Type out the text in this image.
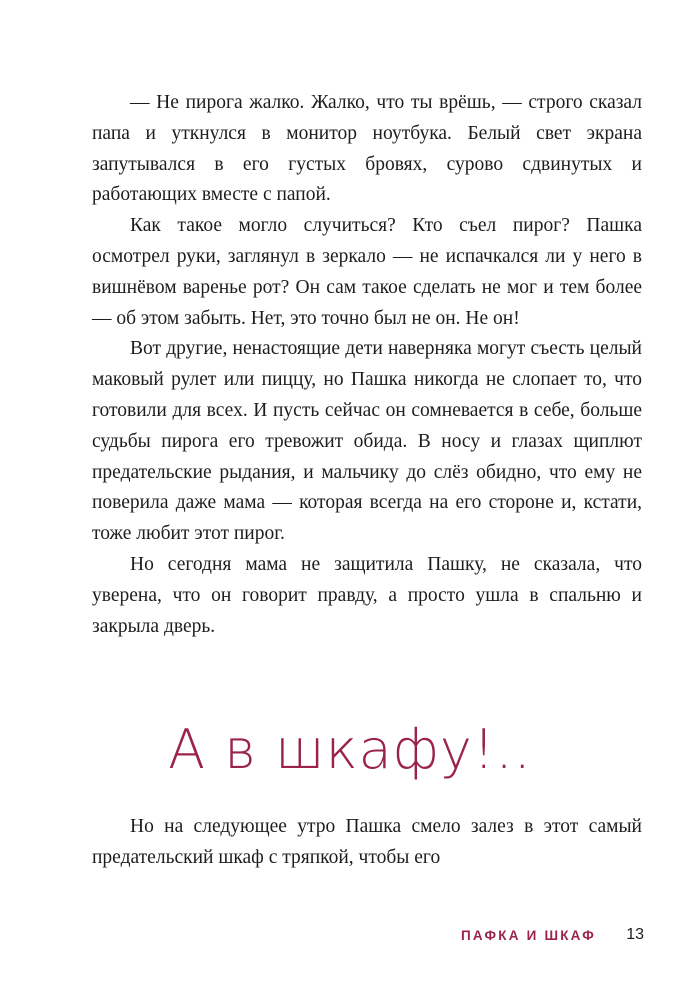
— Не пирога жалко. Жалко, что ты врёшь, — строго сказал папа и уткнулся в монитор ноутбука. Белый свет экрана запутывался в его густых бровях, сурово сдвинутых и работающих вместе с папой.

Как такое могло случиться? Кто съел пирог? Пашка осмотрел руки, заглянул в зеркало — не испачкался ли у него в вишнёвом варенье рот? Он сам такое сделать не мог и тем более — об этом забыть. Нет, это точно был не он. Не он!

Вот другие, ненастоящие дети наверняка могут съесть целый маковый рулет или пиццу, но Пашка никогда не слопает то, что готовили для всех. И пусть сейчас он сомневается в себе, больше судьбы пирога его тревожит обида. В носу и глазах щиплют предательские рыдания, и мальчику до слёз обидно, что ему не поверила даже мама — которая всегда на его стороне и, кстати, тоже любит этот пирог.

Но сегодня мама не защитила Пашку, не сказала, что уверена, что он говорит правду, а просто ушла в спальню и закрыла дверь.

А в шкафу!..

Но на следующее утро Пашка смело залез в этот самый предательский шкаф с тряпкой, чтобы его

ПАФКА И ШКАФ 13
